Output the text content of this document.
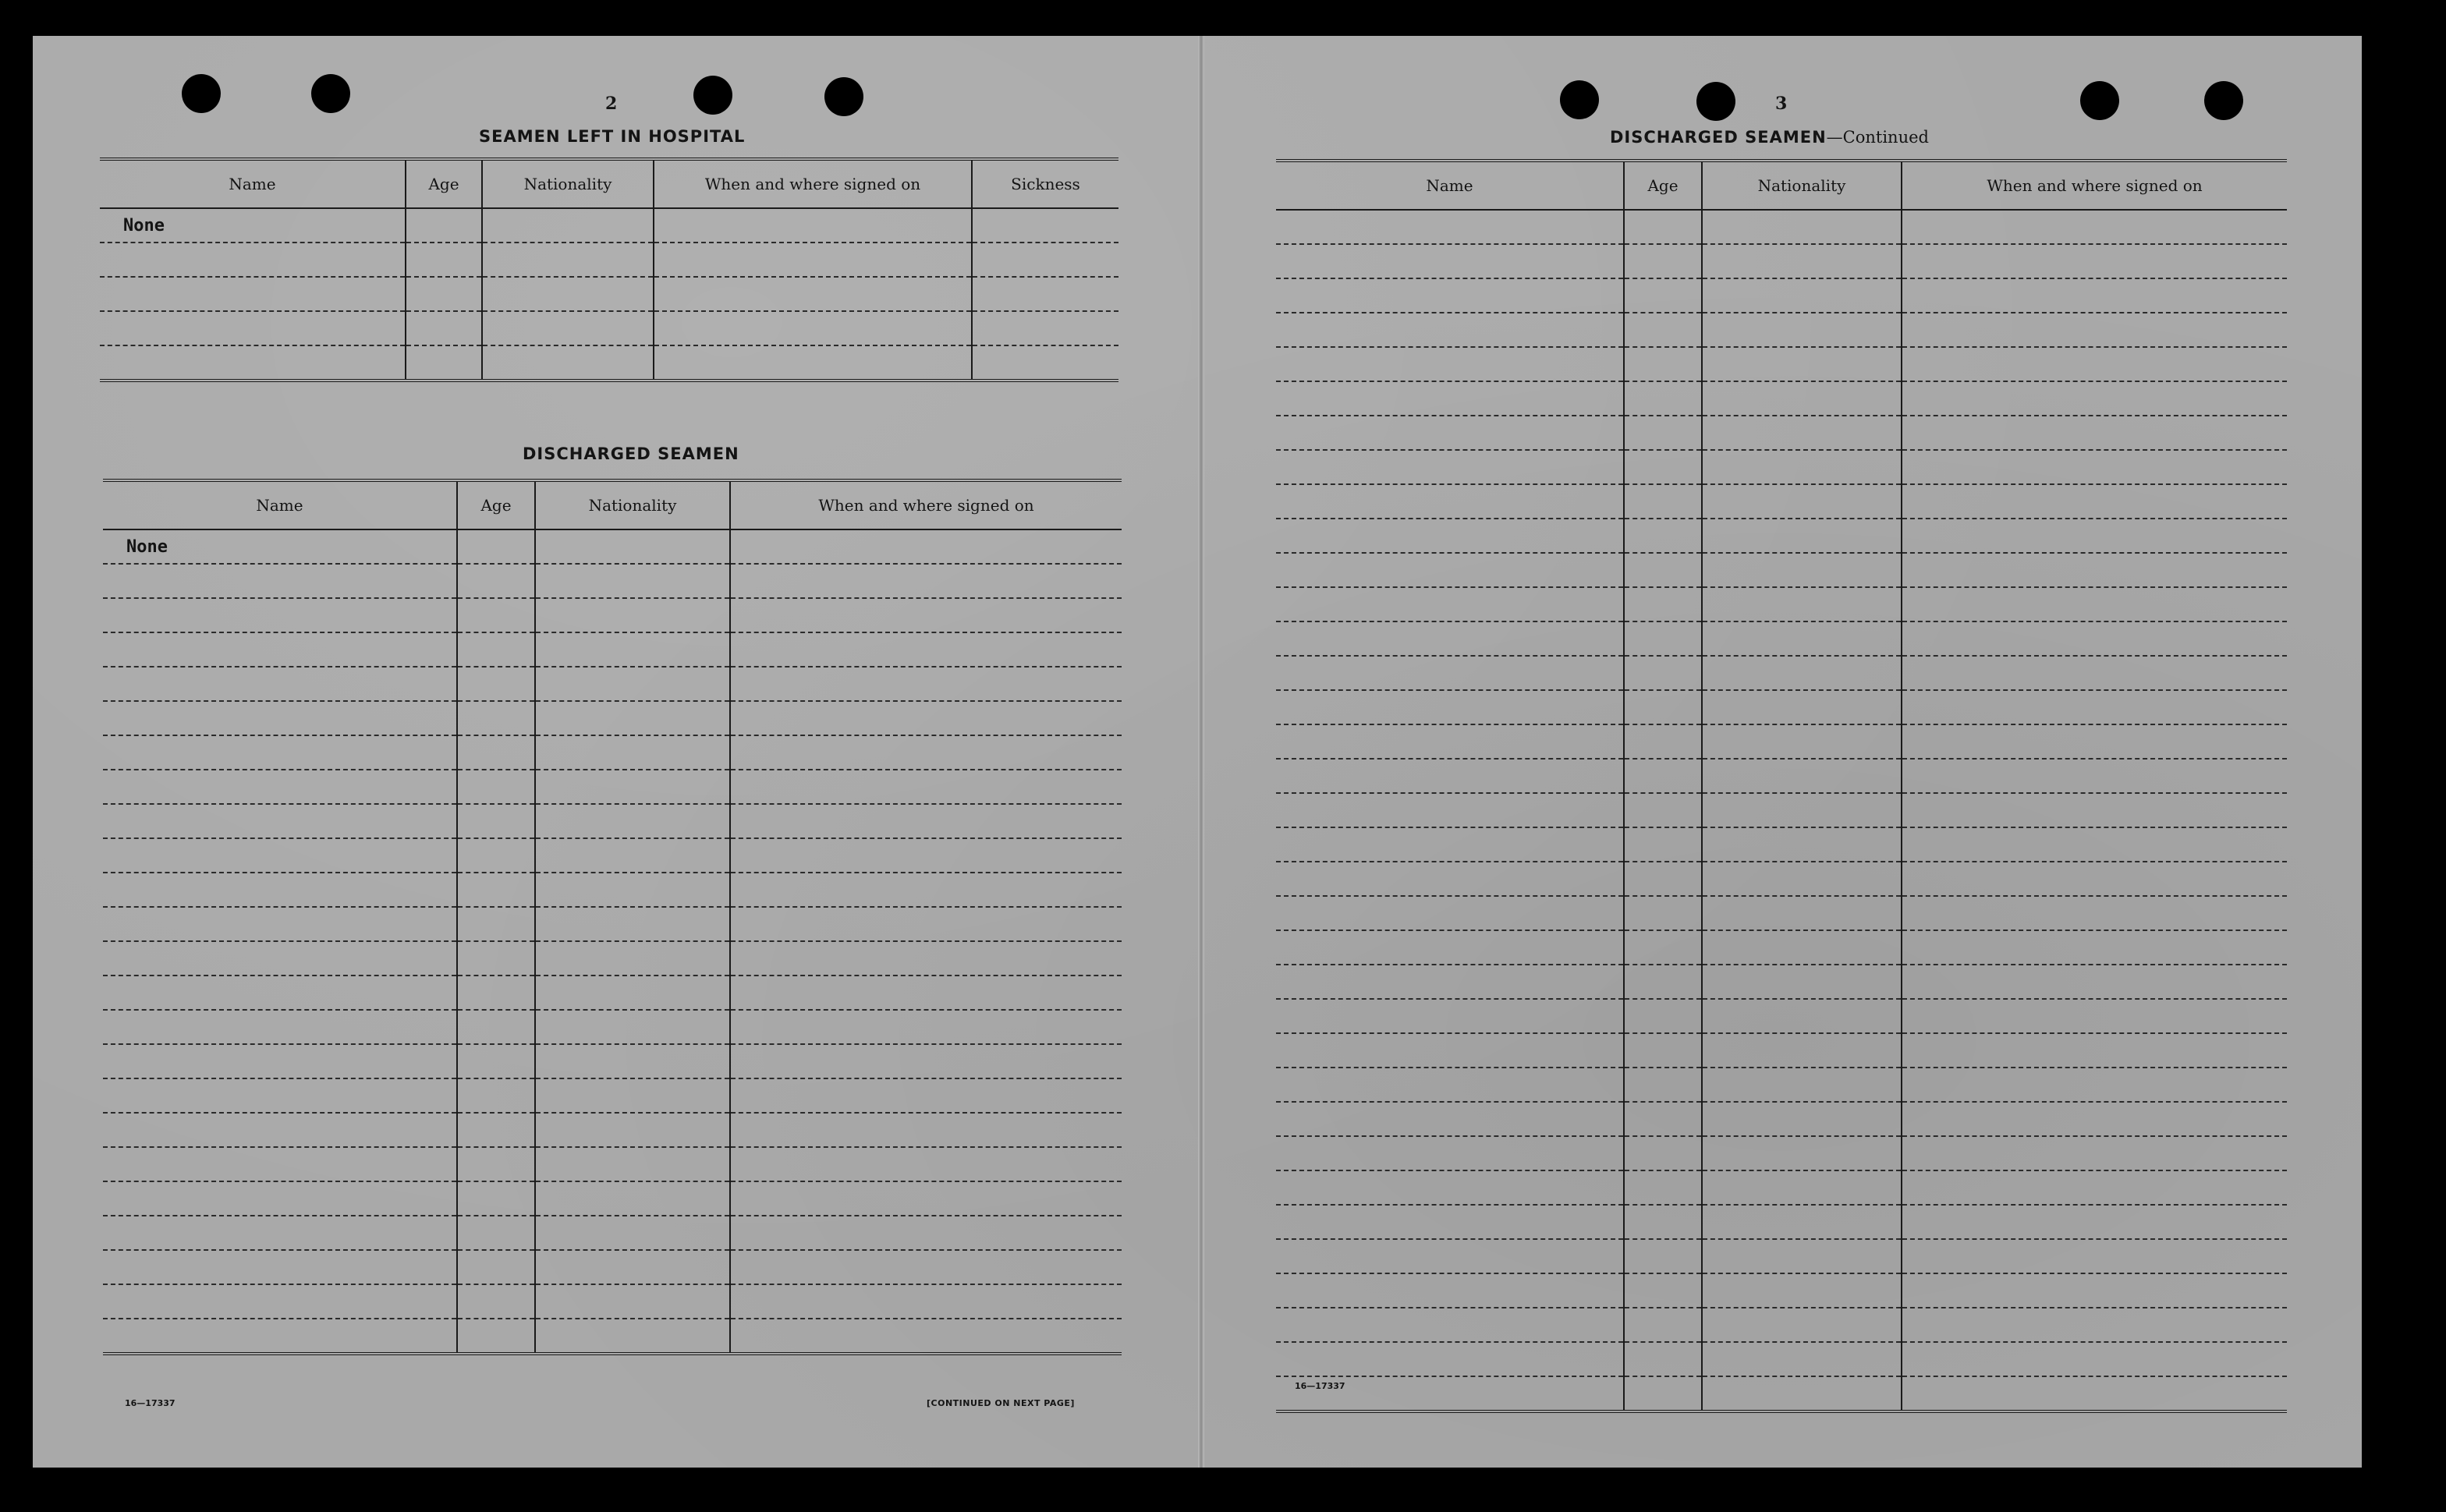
2
SEAMEN LEFT IN HOSPITAL
Name	Age	Nationality	When and where signed on	Sickness
None				

DISCHARGED SEAMEN
Name	Age	Nationality	When and where signed on
None			

16—17337	[CONTINUED ON NEXT PAGE]
3
DISCHARGED SEAMEN—Continued
Name	Age	Nationality	When and where signed on

16—17337
